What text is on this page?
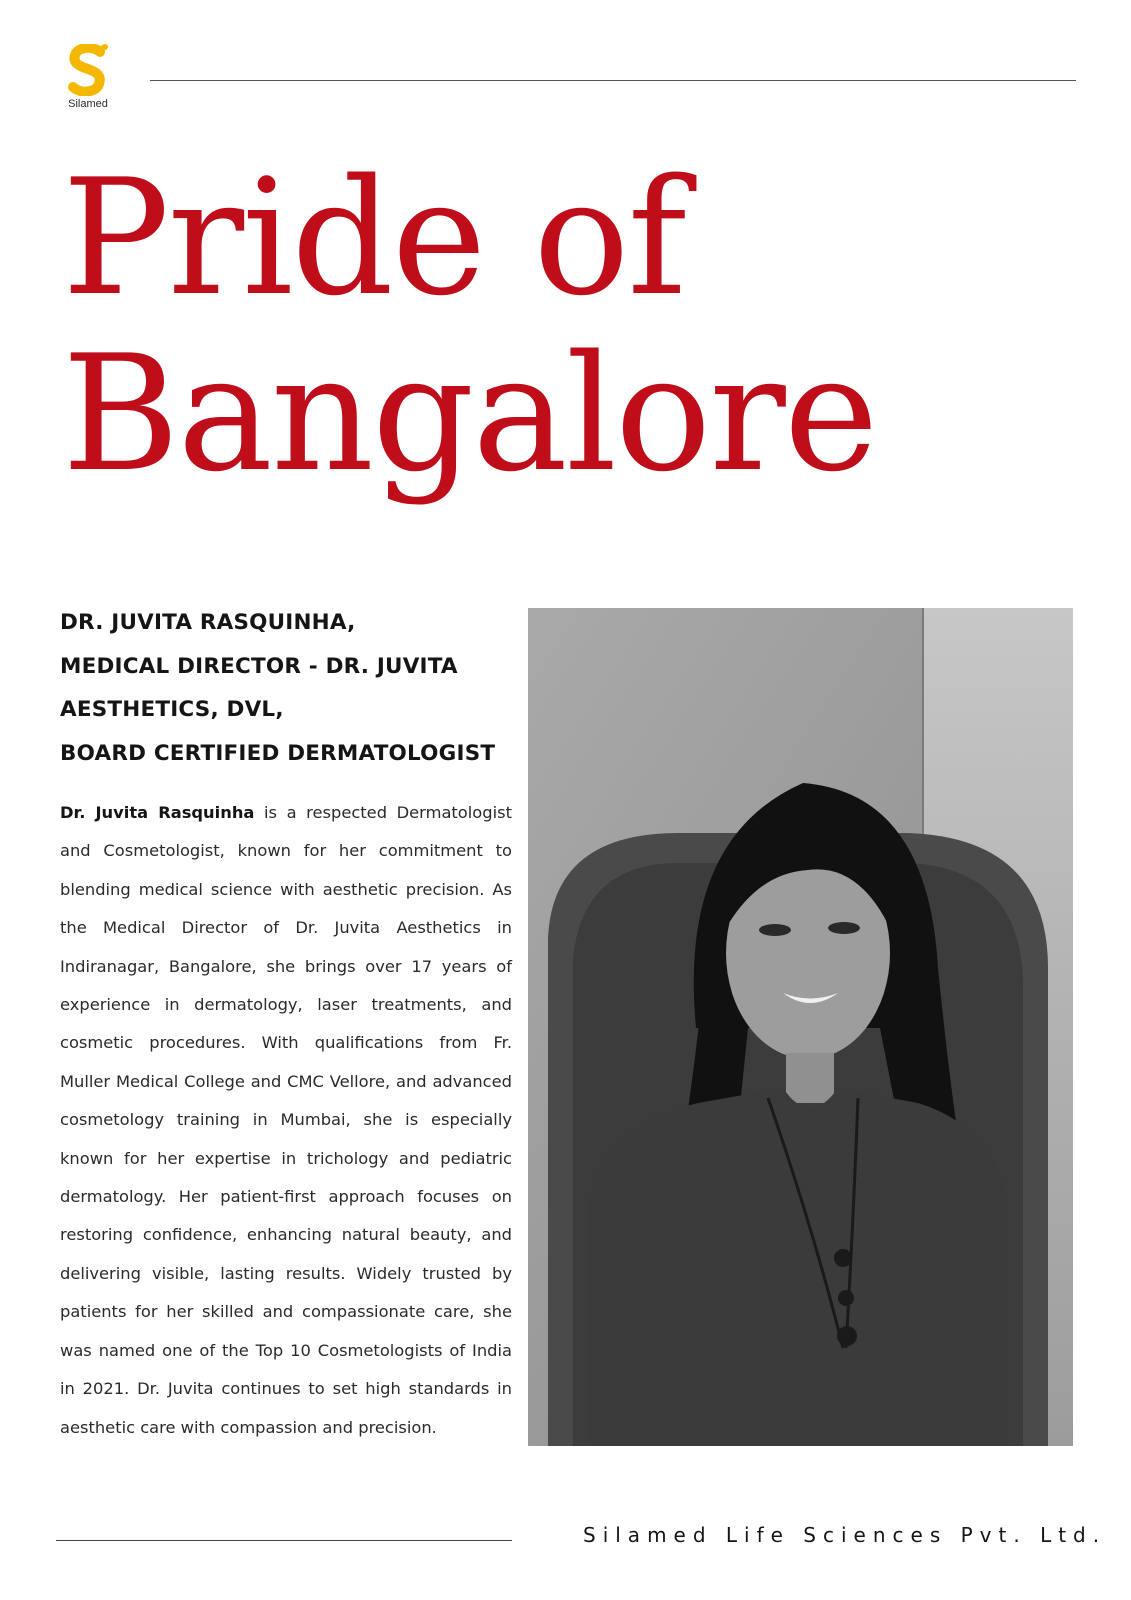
Silamed
Pride of
Bangalore
DR. JUVITA RASQUINHA,
MEDICAL DIRECTOR - DR. JUVITA
AESTHETICS, DVL,
BOARD CERTIFIED DERMATOLOGIST

Dr. Juvita Rasquinha is a respected Dermatologist and Cosmetologist, known for her commitment to blending medical science with aesthetic precision. As the Medical Director of Dr. Juvita Aesthetics in Indiranagar, Bangalore, she brings over 17 years of experience in dermatology, laser treatments, and cosmetic procedures. With qualifications from Fr. Muller Medical College and CMC Vellore, and advanced cosmetology training in Mumbai, she is especially known for her expertise in trichology and pediatric dermatology. Her patient-first approach focuses on restoring confidence, enhancing natural beauty, and delivering visible, lasting results. Widely trusted by patients for her skilled and compassionate care, she was named one of the Top 10 Cosmetologists of India in 2021. Dr. Juvita continues to set high standards in aesthetic care with compassion and precision.

Silamed Life Sciences Pvt. Ltd.
